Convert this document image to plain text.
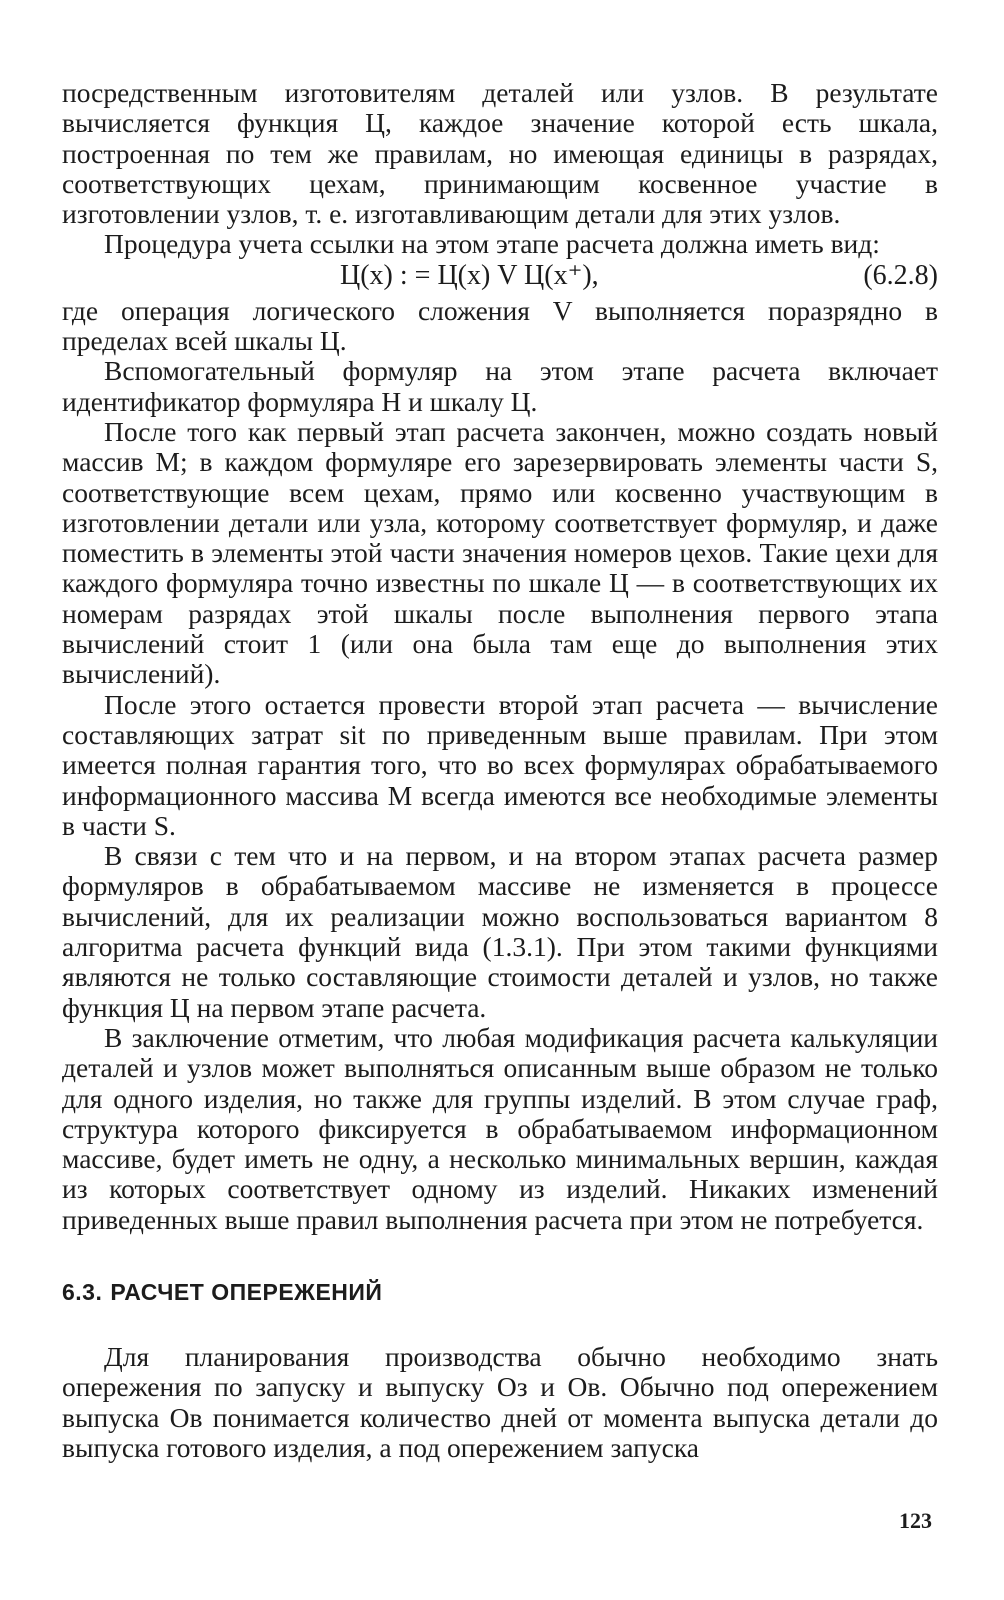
посредственным изготовителям деталей или узлов. В результате вычисляется функция Ц, каждое значение которой есть шкала, построенная по тем же правилам, но имеющая единицы в разрядах, соответствующих цехам, принимающим косвенное участие в изготовлении узлов, т. е. изготавливающим детали для этих узлов.

Процедура учета ссылки на этом этапе расчета должна иметь вид:

Ц(x) : = Ц(x) V Ц(x⁺),	(6.2.8)

где операция логического сложения V выполняется поразрядно в пределах всей шкалы Ц.

Вспомогательный формуляр на этом этапе расчета включает идентификатор формуляра Н и шкалу Ц.

После того как первый этап расчета закончен, можно создать новый массив M; в каждом формуляре его зарезервировать элементы части S, соответствующие всем цехам, прямо или косвенно участвующим в изготовлении детали или узла, которому соответствует формуляр, и даже поместить в элементы этой части значения номеров цехов. Такие цехи для каждого формуляра точно известны по шкале Ц — в соответствующих их номерам разрядах этой шкалы после выполнения первого этапа вычислений стоит 1 (или она была там еще до выполнения этих вычислений).

После этого остается провести второй этап расчета — вычисление составляющих затрат sit по приведенным выше правилам. При этом имеется полная гарантия того, что во всех формулярах обрабатываемого информационного массива M всегда имеются все необходимые элементы в части S.

В связи с тем что и на первом, и на втором этапах расчета размер формуляров в обрабатываемом массиве не изменяется в процессе вычислений, для их реализации можно воспользоваться вариантом 8 алгоритма расчета функций вида (1.3.1). При этом такими функциями являются не только составляющие стоимости деталей и узлов, но также функция Ц на первом этапе расчета.

В заключение отметим, что любая модификация расчета калькуляции деталей и узлов может выполняться описанным выше образом не только для одного изделия, но также для группы изделий. В этом случае граф, структура которого фиксируется в обрабатываемом информационном массиве, будет иметь не одну, а несколько минимальных вершин, каждая из которых соответствует одному из изделий. Никаких изменений приведенных выше правил выполнения расчета при этом не потребуется.

6.3. РАСЧЕТ ОПЕРЕЖЕНИЙ

Для планирования производства обычно необходимо знать опережения по запуску и выпуску Оз и Ов. Обычно под опережением выпуска Ов понимается количество дней от момента выпуска детали до выпуска готового изделия, а под опережением запуска

123
